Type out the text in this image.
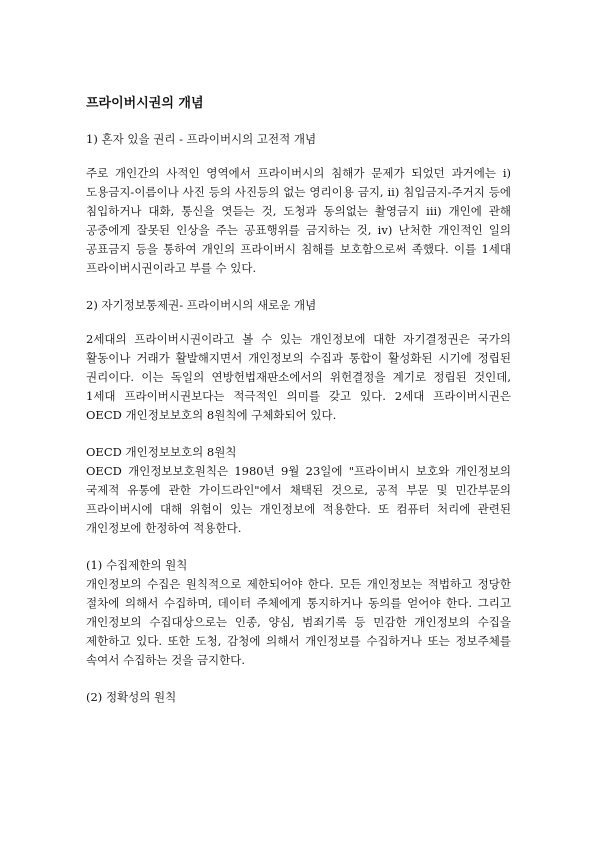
프라이버시권의 개념
1) 혼자 있을 권리 - 프라이버시의 고전적 개념
주로 개인간의 사적인 영역에서 프라이버시의 침해가 문제가 되었던 과거에는 i) 도용금지-이름이나 사진 등의 사진등의 없는 영리이용 금지, ii) 침입금지-주거지 등에 침입하거나 대화, 통신을 엿듣는 것, 도청과 동의없는 촬영금지 iii) 개인에 관해 공중에게 잘못된 인상을 주는 공표행위를 금지하는 것, iv) 난처한 개인적인 일의 공표금지 등을 통하여 개인의 프라이버시 침해를 보호함으로써 족했다. 이를 1세대 프라이버시권이라고 부를 수 있다.
2) 자기정보통제권- 프라이버시의 새로운 개념
2세대의 프라이버시권이라고 볼 수 있는 개인정보에 대한 자기결정권은 국가의 활동이나 거래가 활발해지면서 개인정보의 수집과 통합이 활성화된 시기에 정립된 권리이다. 이는 독일의 연방헌법재판소에서의 위헌결정을 계기로 정립된 것인데, 1세대 프라이버시권보다는 적극적인 의미를 갖고 있다. 2세대 프라이버시권은 OECD 개인정보보호의 8원칙에 구체화되어 있다.
OECD 개인정보보호의 8원칙
OECD 개인정보보호원칙은 1980년 9월 23일에 "프라이버시 보호와 개인정보의 국제적 유통에 관한 가이드라인"에서 채택된 것으로, 공적 부문 및 민간부문의 프라이버시에 대해 위험이 있는 개인정보에 적용한다. 또 컴퓨터 처리에 관련된 개인정보에 한정하여 적용한다.
(1) 수집제한의 원칙
개인정보의 수집은 원칙적으로 제한되어야 한다. 모든 개인정보는 적법하고 정당한 절차에 의해서 수집하며, 데이터 주체에게 통지하거나 동의를 얻어야 한다. 그리고 개인정보의 수집대상으로는 인종, 양심, 범죄기록 등 민감한 개인정보의 수집을 제한하고 있다. 또한 도청, 감청에 의해서 개인정보를 수집하거나 또는 정보주체를 속여서 수집하는 것을 금지한다.
(2) 정확성의 원칙
